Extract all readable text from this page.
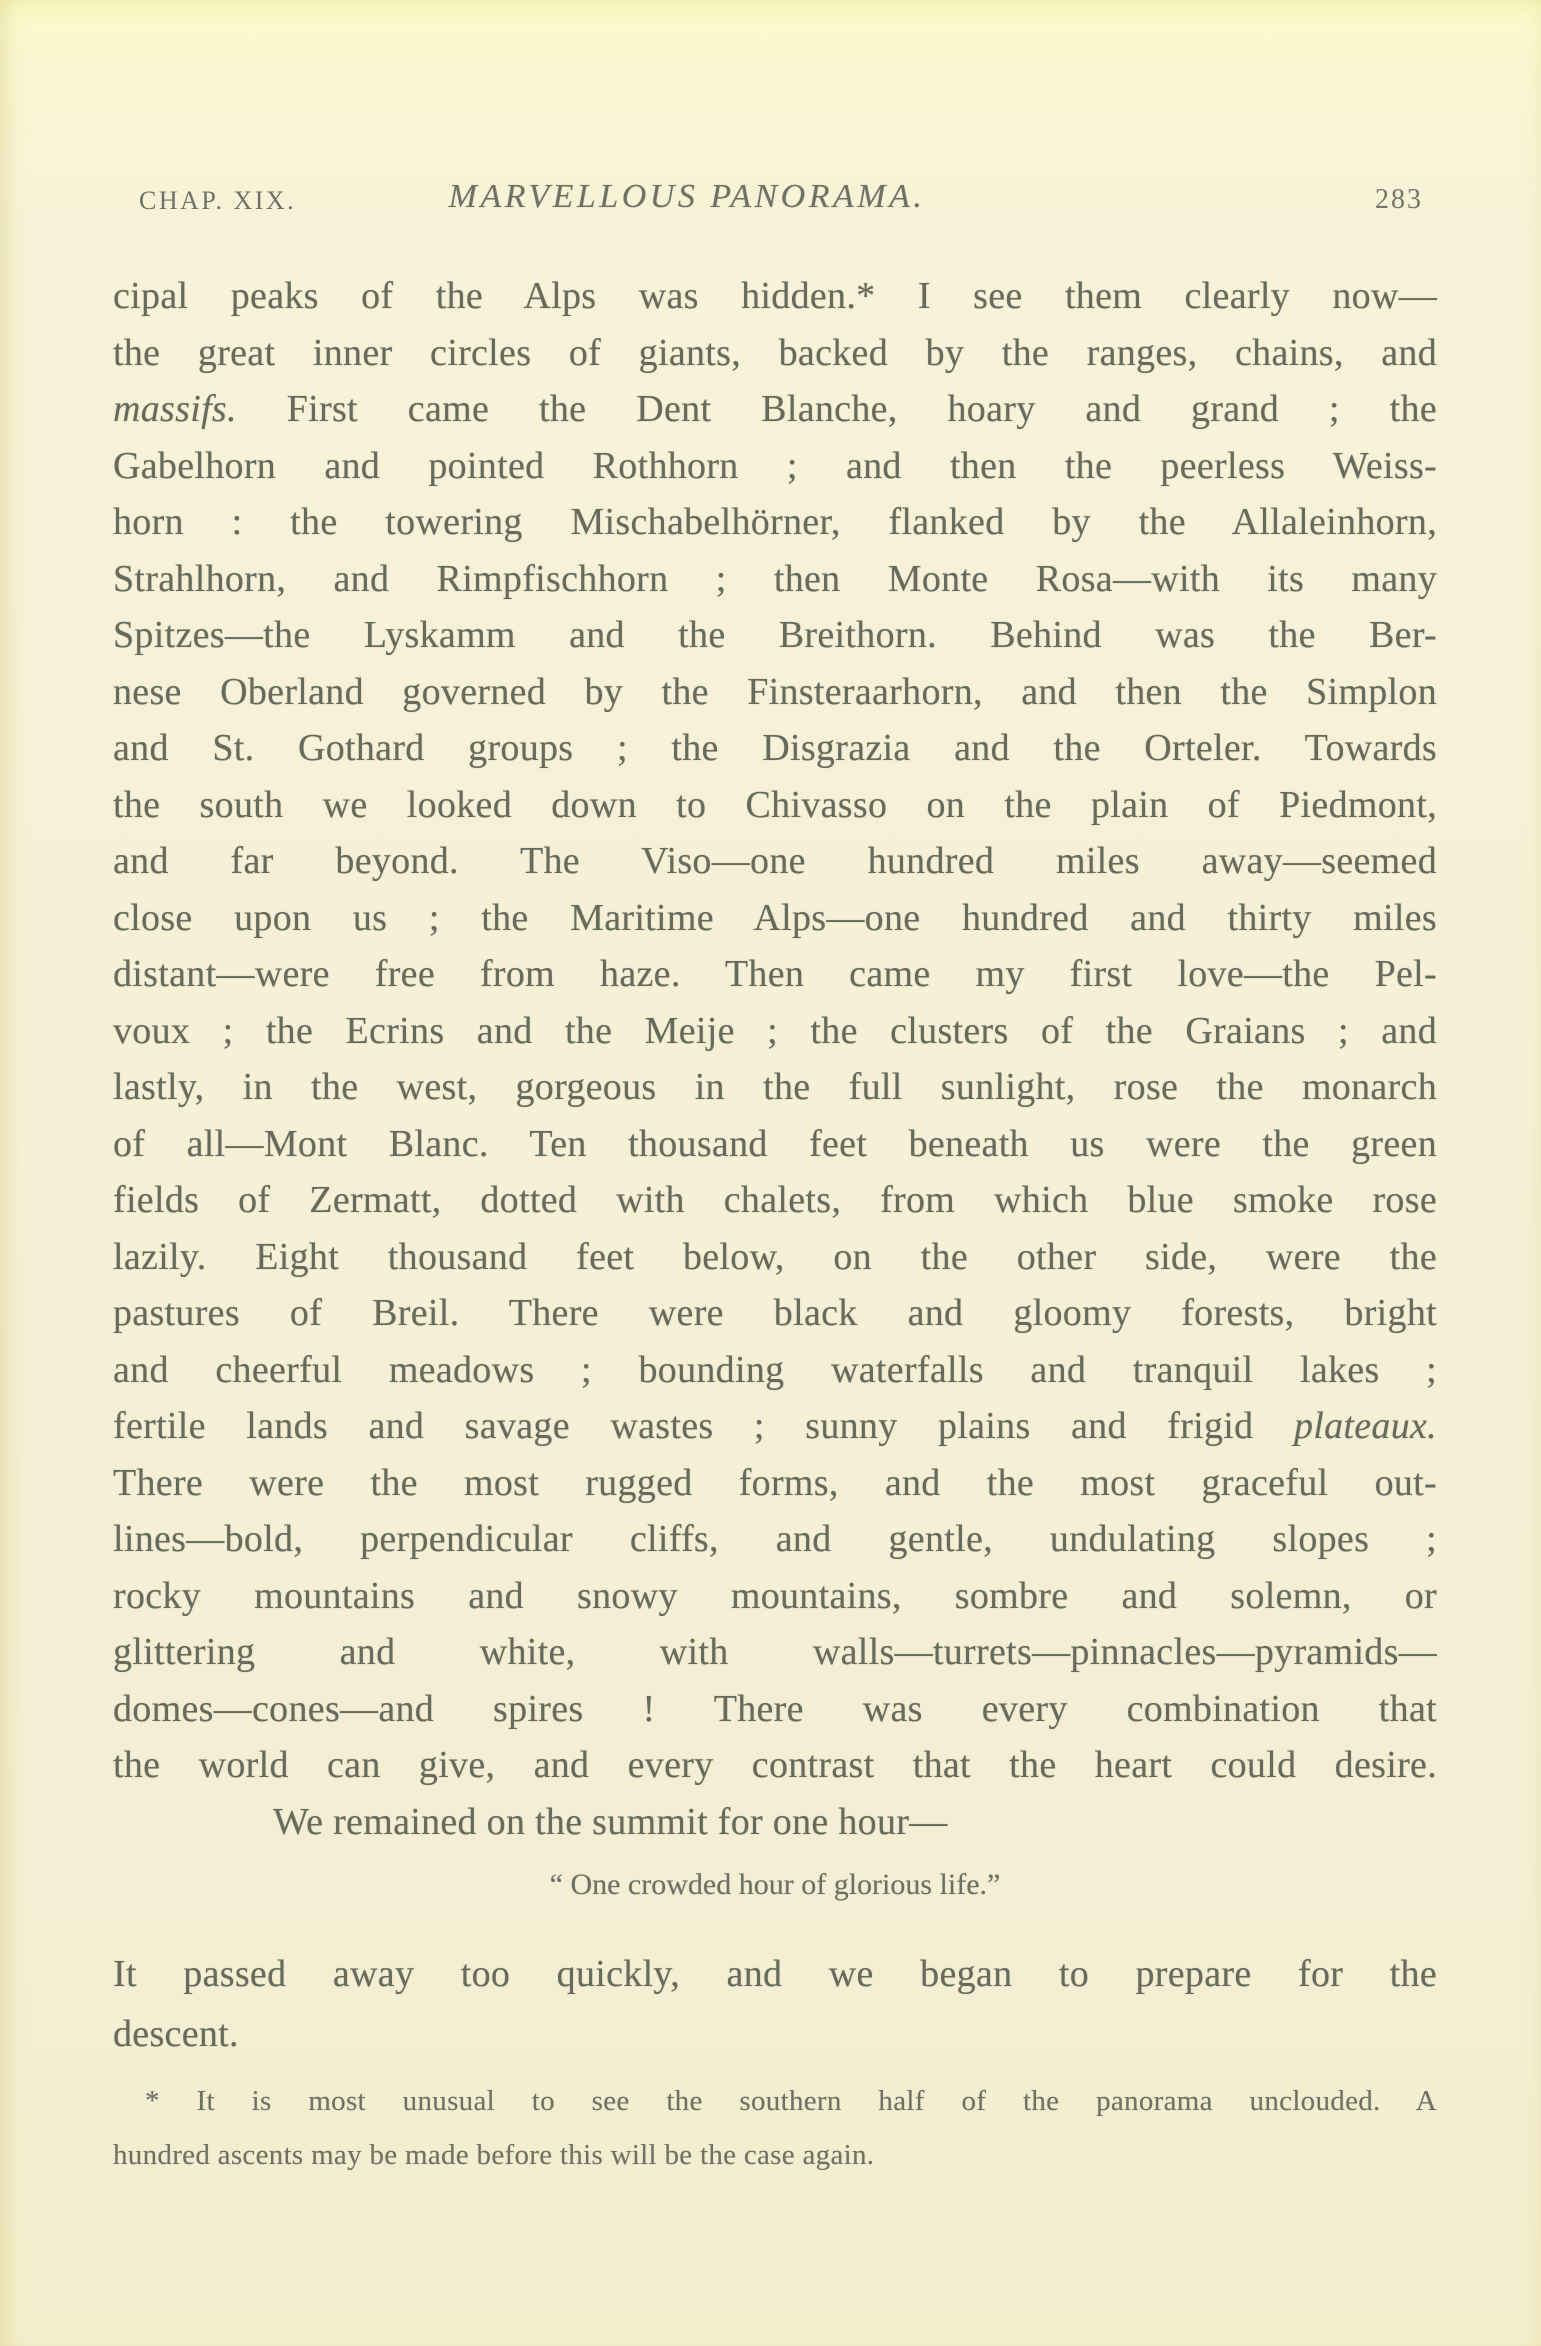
CHAP. XIX.	MARVELLOUS PANORAMA.	283
cipal peaks of the Alps was hidden.* I see them clearly now—
the great inner circles of giants, backed by the ranges, chains, and
massifs. First came the Dent Blanche, hoary and grand ; the
Gabelhorn and pointed Rothhorn ; and then the peerless Weiss-
horn : the towering Mischabelhörner, flanked by the Allaleinhorn,
Strahlhorn, and Rimpfischhorn ; then Monte Rosa—with its many
Spitzes—the Lyskamm and the Breithorn. Behind was the Ber-
nese Oberland governed by the Finsteraarhorn, and then the Simplon
and St. Gothard groups ; the Disgrazia and the Orteler. Towards
the south we looked down to Chivasso on the plain of Piedmont,
and far beyond. The Viso—one hundred miles away—seemed
close upon us ; the Maritime Alps—one hundred and thirty miles
distant—were free from haze. Then came my first love—the Pel-
voux ; the Ecrins and the Meije ; the clusters of the Graians ; and
lastly, in the west, gorgeous in the full sunlight, rose the monarch
of all—Mont Blanc. Ten thousand feet beneath us were the green
fields of Zermatt, dotted with chalets, from which blue smoke rose
lazily. Eight thousand feet below, on the other side, were the
pastures of Breil. There were black and gloomy forests, bright
and cheerful meadows ; bounding waterfalls and tranquil lakes ;
fertile lands and savage wastes ; sunny plains and frigid plateaux.
There were the most rugged forms, and the most graceful out-
lines—bold, perpendicular cliffs, and gentle, undulating slopes ;
rocky mountains and snowy mountains, sombre and solemn, or
glittering and white, with walls—turrets—pinnacles—pyramids—
domes—cones—and spires ! There was every combination that
the world can give, and every contrast that the heart could desire.
We remained on the summit for one hour—
“ One crowded hour of glorious life.”
It passed away too quickly, and we began to prepare for the
descent.
* It is most unusual to see the southern half of the panorama unclouded. A
hundred ascents may be made before this will be the case again.
